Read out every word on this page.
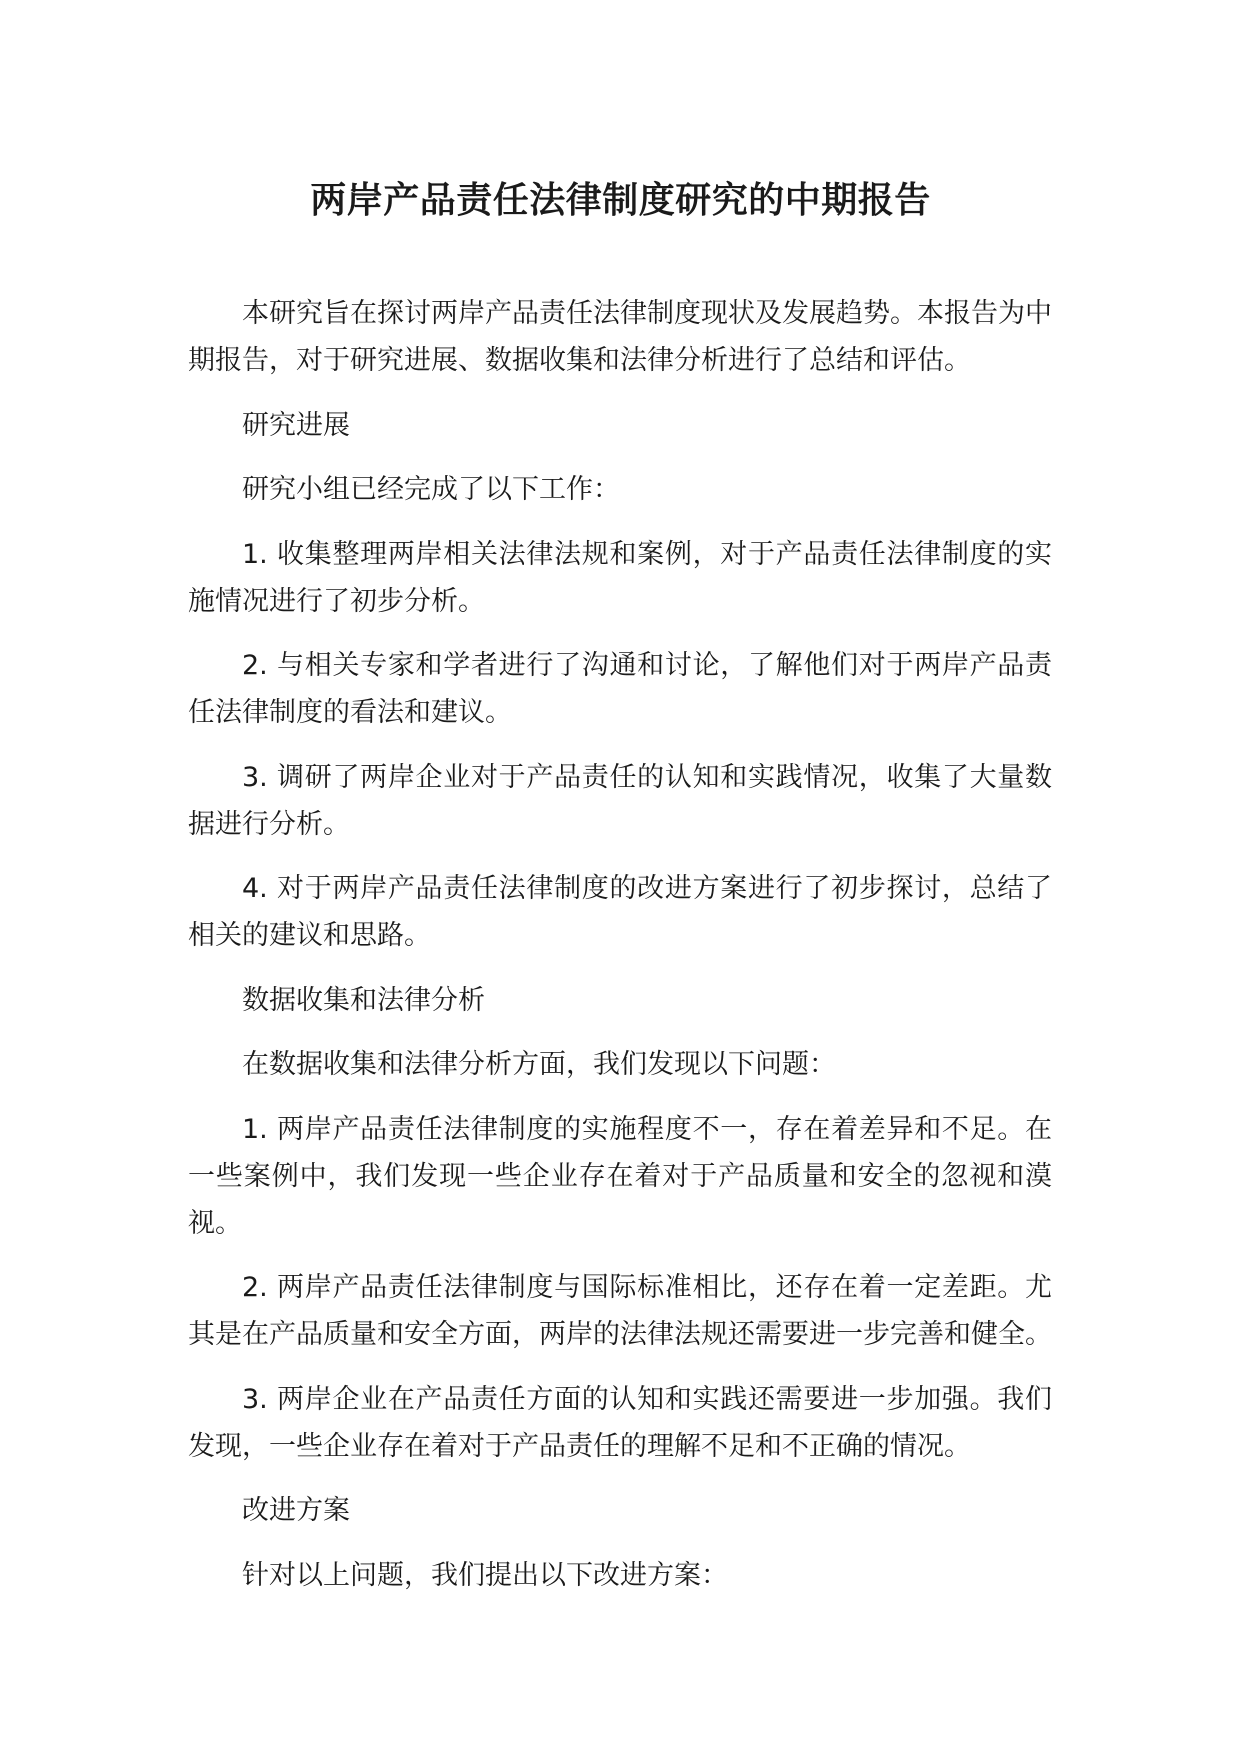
两岸产品责任法律制度研究的中期报告

本研究旨在探讨两岸产品责任法律制度现状及发展趋势。本报告为中期报告，对于研究进展、数据收集和法律分析进行了总结和评估。

研究进展

研究小组已经完成了以下工作：

1. 收集整理两岸相关法律法规和案例，对于产品责任法律制度的实施情况进行了初步分析。

2. 与相关专家和学者进行了沟通和讨论，了解他们对于两岸产品责任法律制度的看法和建议。

3. 调研了两岸企业对于产品责任的认知和实践情况，收集了大量数据进行分析。

4. 对于两岸产品责任法律制度的改进方案进行了初步探讨，总结了相关的建议和思路。

数据收集和法律分析

在数据收集和法律分析方面，我们发现以下问题：

1. 两岸产品责任法律制度的实施程度不一，存在着差异和不足。在一些案例中，我们发现一些企业存在着对于产品质量和安全的忽视和漠视。

2. 两岸产品责任法律制度与国际标准相比，还存在着一定差距。尤其是在产品质量和安全方面，两岸的法律法规还需要进一步完善和健全。

3. 两岸企业在产品责任方面的认知和实践还需要进一步加强。我们发现，一些企业存在着对于产品责任的理解不足和不正确的情况。

改进方案

针对以上问题，我们提出以下改进方案：
